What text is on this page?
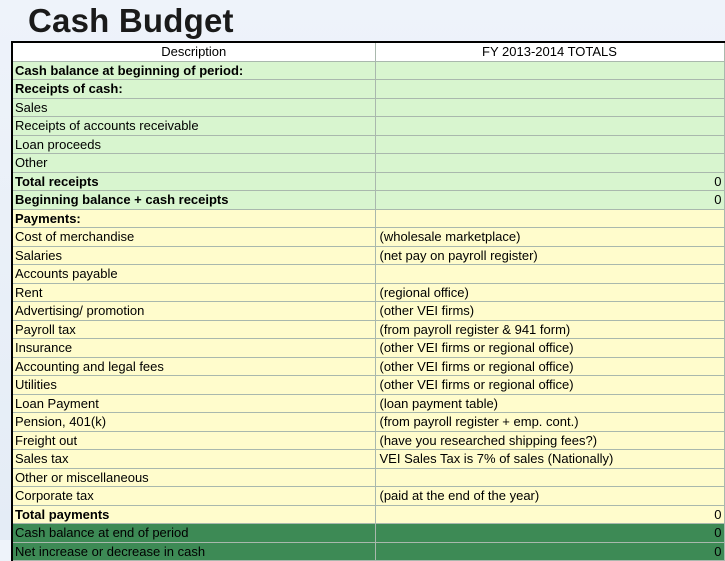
Cash Budget
Description	FY 2013-2014 TOTALS
Cash balance at beginning of period:	
Receipts of cash:	
Sales	
Receipts of accounts receivable	
Loan proceeds	
Other	
Total receipts	0

Beginning balance + cash receipts	0

Payments:	
Cost of merchandise	(wholesale marketplace)

Salaries	(net pay on payroll register)

Accounts payable	
Rent	(regional office)

Advertising/ promotion	(other VEI firms)

Payroll tax	(from payroll register & 941 form)

Insurance	(other VEI firms or regional office)

Accounting and legal fees	(other VEI firms or regional office)

Utilities	(other VEI firms or regional office)

Loan Payment	(loan payment table)

Pension, 401(k)	(from payroll register + emp. cont.)

Freight out	(have you researched shipping fees?)

Sales tax	VEI Sales Tax is 7% of sales (Nationally)

Other or miscellaneous	
Corporate tax	(paid at the end of the year)

Total payments	0

Cash balance at end of period	0

Net increase or decrease in cash	0
